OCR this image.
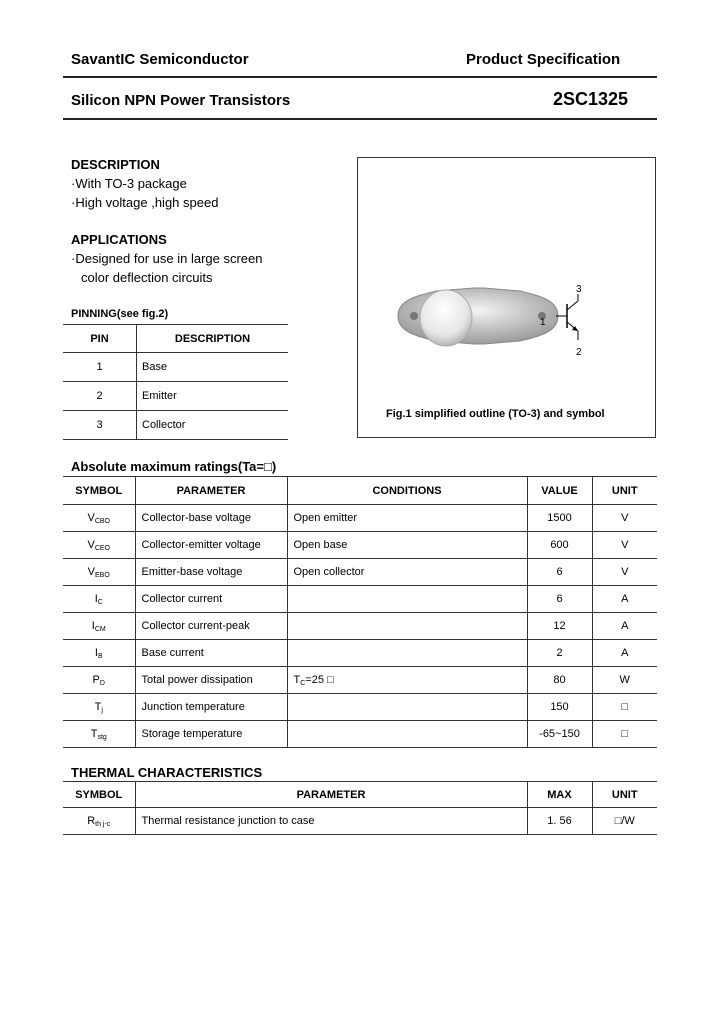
SavantIC Semiconductor	Product Specification
Silicon NPN Power Transistors	2SC1325
DESCRIPTION
·With TO-3 package
·High voltage ,high speed
APPLICATIONS
·Designed for use in large screen
color deflection circuits
PINNING(see fig.2)
PIN	DESCRIPTION
1	Base
2	Emitter
3	Collector
1
2
3
Fig.1 simplified outline (TO-3) and symbol
Absolute maximum ratings(Ta=□)
SYMBOL	PARAMETER	CONDITIONS	VALUE	UNIT
$V_{CBO}$	Collector-base voltage	Open emitter	1500	V
$V_{CEO}$	Collector-emitter voltage	Open base	600	V
$V_{EBO}$	Emitter-base voltage	Open collector	6	V
$I_C$	Collector current		6	A
$I_{CM}$	Collector current-peak		12	A
$I_B$	Base current		2	A
$P_D$	Total power dissipation	$T_C=25$ □	80	W
$T_j$	Junction temperature		150	□
$T_{stg}$	Storage temperature		-65~150	□
THERMAL CHARACTERISTICS
SYMBOL	PARAMETER	MAX	UNIT
$R_{th j-c}$	Thermal resistance junction to case	1. 56	□/W
